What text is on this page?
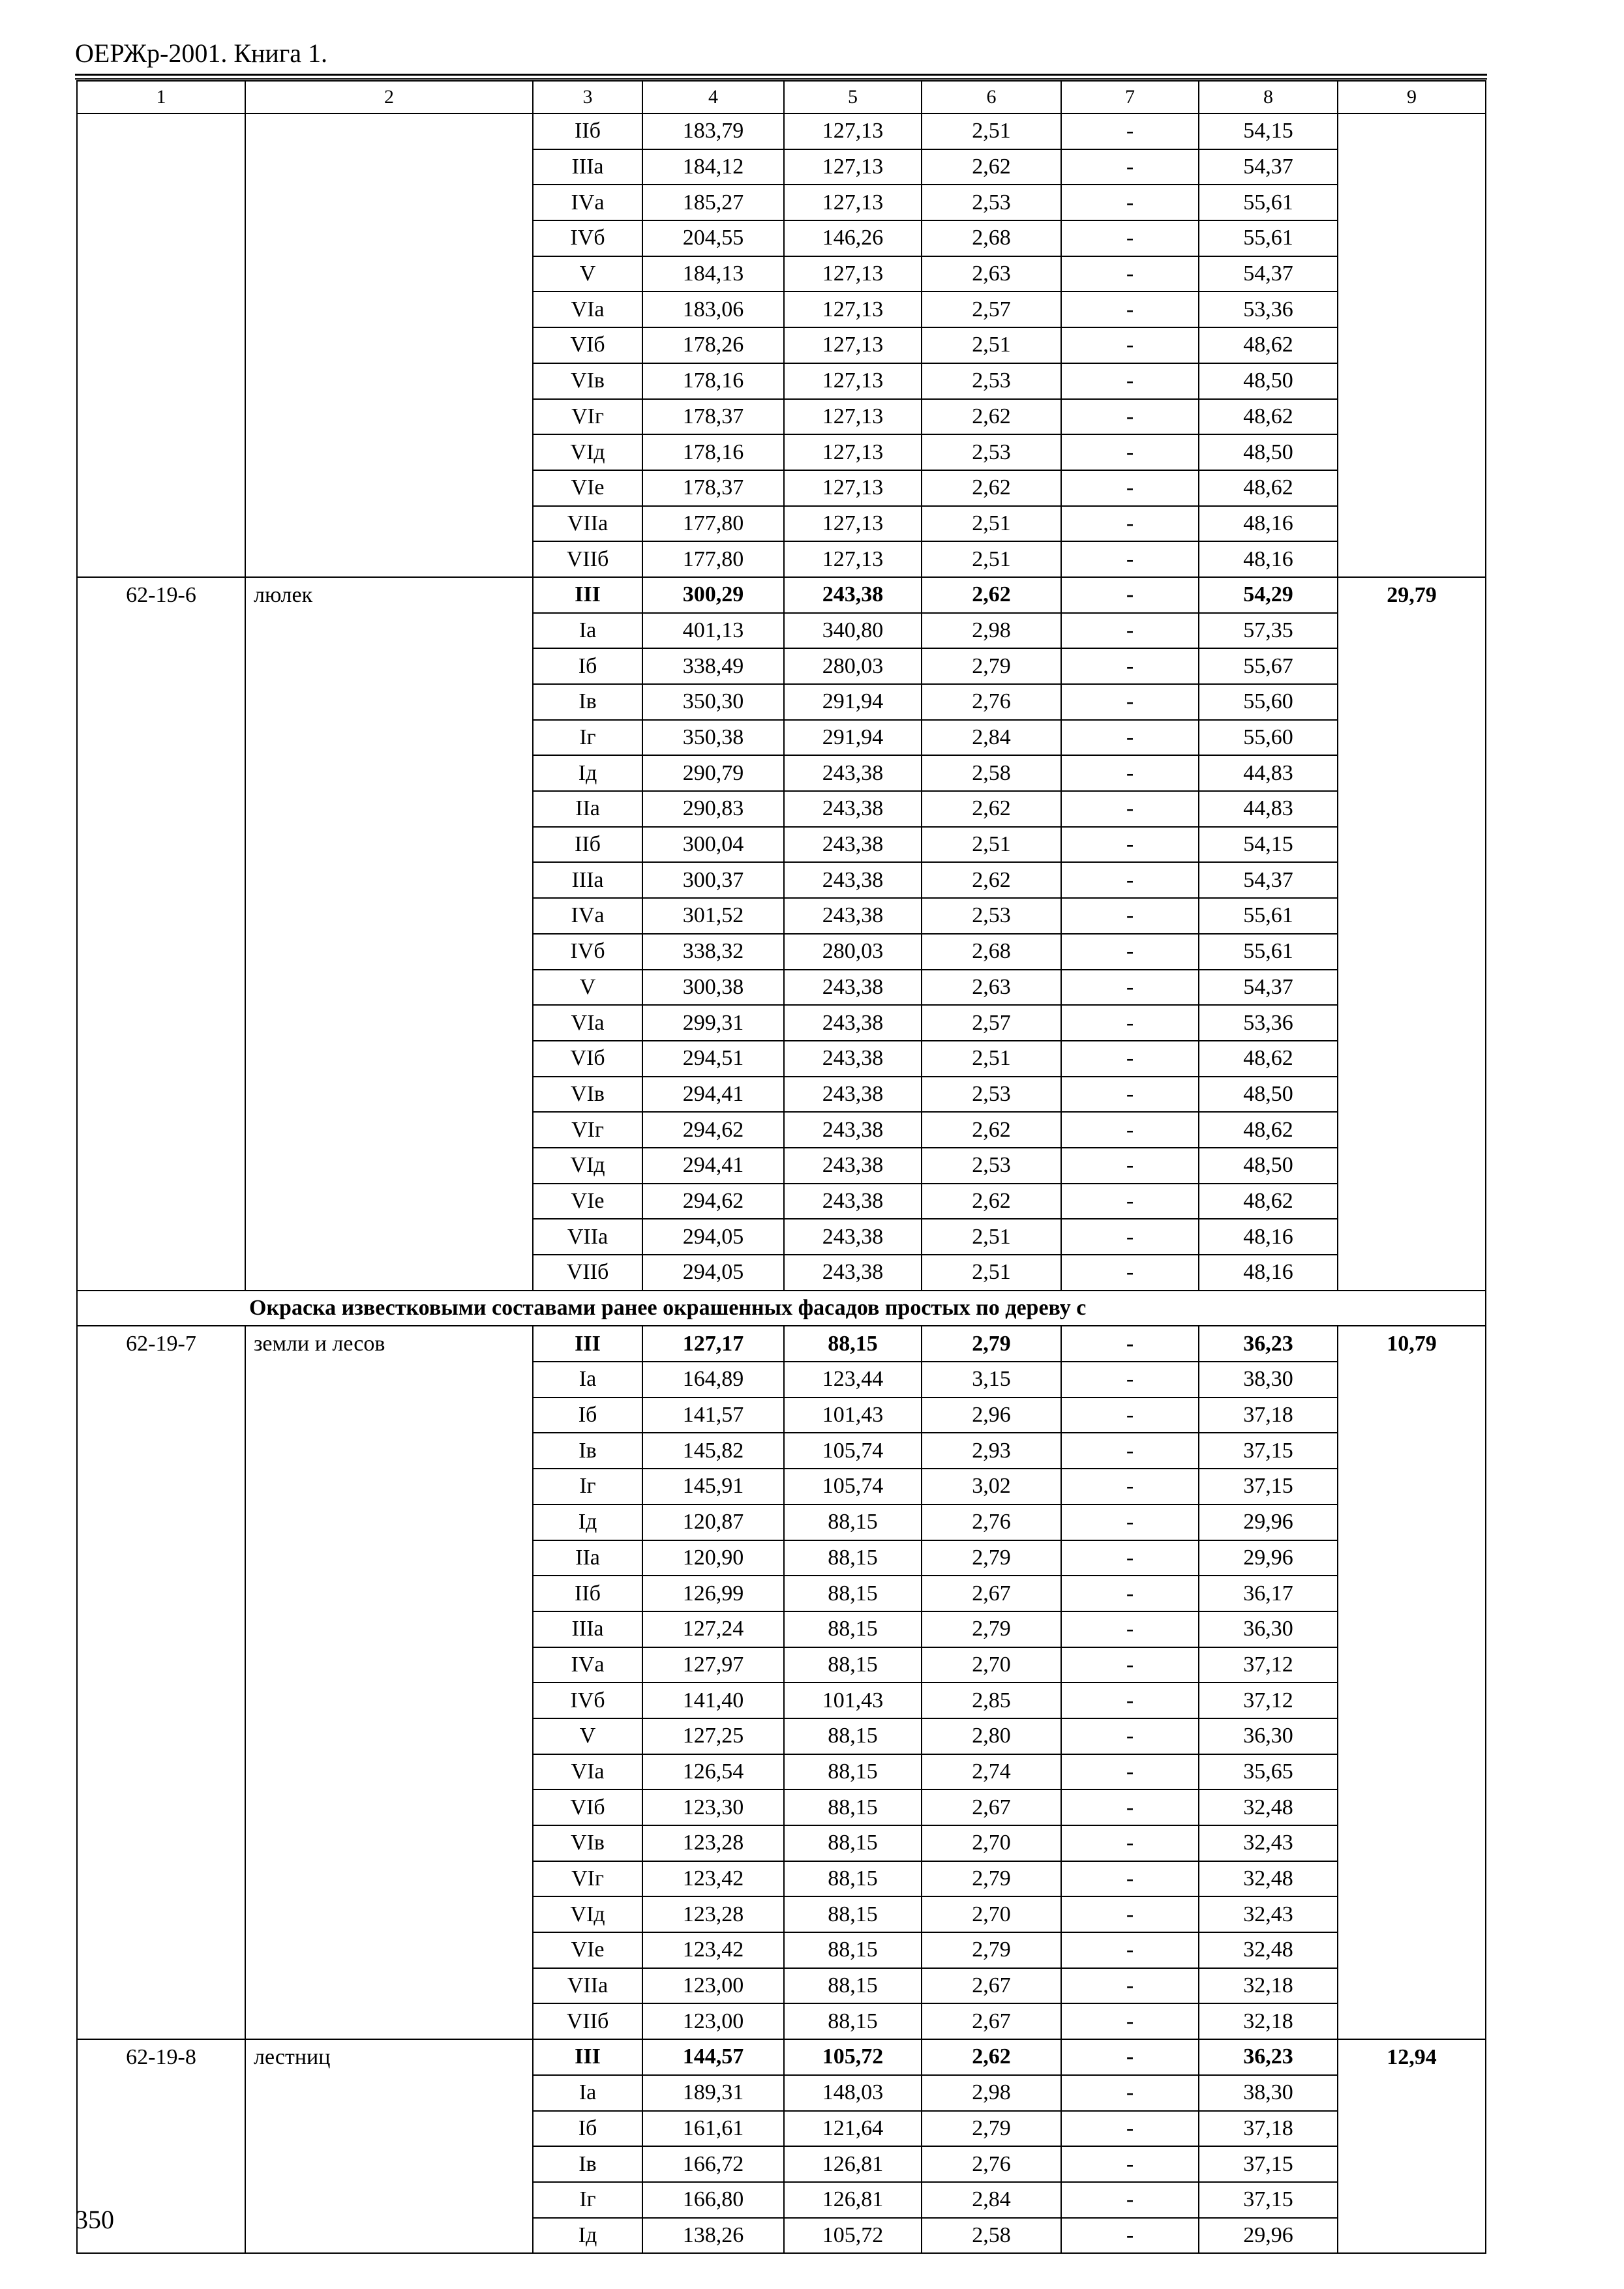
ОЕРЖр-2001. Книга 1.
1	2	3	4	5	6	7	8	9
		IIб	183,79	127,13	2,51	-	54,15	
		IIIа	184,12	127,13	2,62	-	54,37	
		IVа	185,27	127,13	2,53	-	55,61	
		IVб	204,55	146,26	2,68	-	55,61	
		V	184,13	127,13	2,63	-	54,37	
		VIа	183,06	127,13	2,57	-	53,36	
		VIб	178,26	127,13	2,51	-	48,62	
		VIв	178,16	127,13	2,53	-	48,50	
		VIг	178,37	127,13	2,62	-	48,62	
		VIд	178,16	127,13	2,53	-	48,50	
		VIе	178,37	127,13	2,62	-	48,62	
		VIIа	177,80	127,13	2,51	-	48,16	
		VIIб	177,80	127,13	2,51	-	48,16	
62-19-6	люлек	III	300,29	243,38	2,62	-	54,29	29,79
		Iа	401,13	340,80	2,98	-	57,35	
		Iб	338,49	280,03	2,79	-	55,67	
		Iв	350,30	291,94	2,76	-	55,60	
		Iг	350,38	291,94	2,84	-	55,60	
		Iд	290,79	243,38	2,58	-	44,83	
		IIа	290,83	243,38	2,62	-	44,83	
		IIб	300,04	243,38	2,51	-	54,15	
		IIIа	300,37	243,38	2,62	-	54,37	
		IVа	301,52	243,38	2,53	-	55,61	
		IVб	338,32	280,03	2,68	-	55,61	
		V	300,38	243,38	2,63	-	54,37	
		VIа	299,31	243,38	2,57	-	53,36	
		VIб	294,51	243,38	2,51	-	48,62	
		VIв	294,41	243,38	2,53	-	48,50	
		VIг	294,62	243,38	2,62	-	48,62	
		VIд	294,41	243,38	2,53	-	48,50	
		VIе	294,62	243,38	2,62	-	48,62	
		VIIа	294,05	243,38	2,51	-	48,16	
		VIIб	294,05	243,38	2,51	-	48,16	
Окраска известковыми составами ранее окрашенных фасадов простых по дереву с								
62-19-7	земли и лесов	III	127,17	88,15	2,79	-	36,23	10,79
		Iа	164,89	123,44	3,15	-	38,30	
		Iб	141,57	101,43	2,96	-	37,18	
		Iв	145,82	105,74	2,93	-	37,15	
		Iг	145,91	105,74	3,02	-	37,15	
		Iд	120,87	88,15	2,76	-	29,96	
		IIа	120,90	88,15	2,79	-	29,96	
		IIб	126,99	88,15	2,67	-	36,17	
		IIIа	127,24	88,15	2,79	-	36,30	
		IVа	127,97	88,15	2,70	-	37,12	
		IVб	141,40	101,43	2,85	-	37,12	
		V	127,25	88,15	2,80	-	36,30	
		VIа	126,54	88,15	2,74	-	35,65	
		VIб	123,30	88,15	2,67	-	32,48	
		VIв	123,28	88,15	2,70	-	32,43	
		VIг	123,42	88,15	2,79	-	32,48	
		VIд	123,28	88,15	2,70	-	32,43	
		VIе	123,42	88,15	2,79	-	32,48	
		VIIа	123,00	88,15	2,67	-	32,18	
		VIIб	123,00	88,15	2,67	-	32,18	
62-19-8	лестниц	III	144,57	105,72	2,62	-	36,23	12,94
		Iа	189,31	148,03	2,98	-	38,30	
		Iб	161,61	121,64	2,79	-	37,18	
		Iв	166,72	126,81	2,76	-	37,15	
		Iг	166,80	126,81	2,84	-	37,15	
		Iд	138,26	105,72	2,58	-	29,96	
350
